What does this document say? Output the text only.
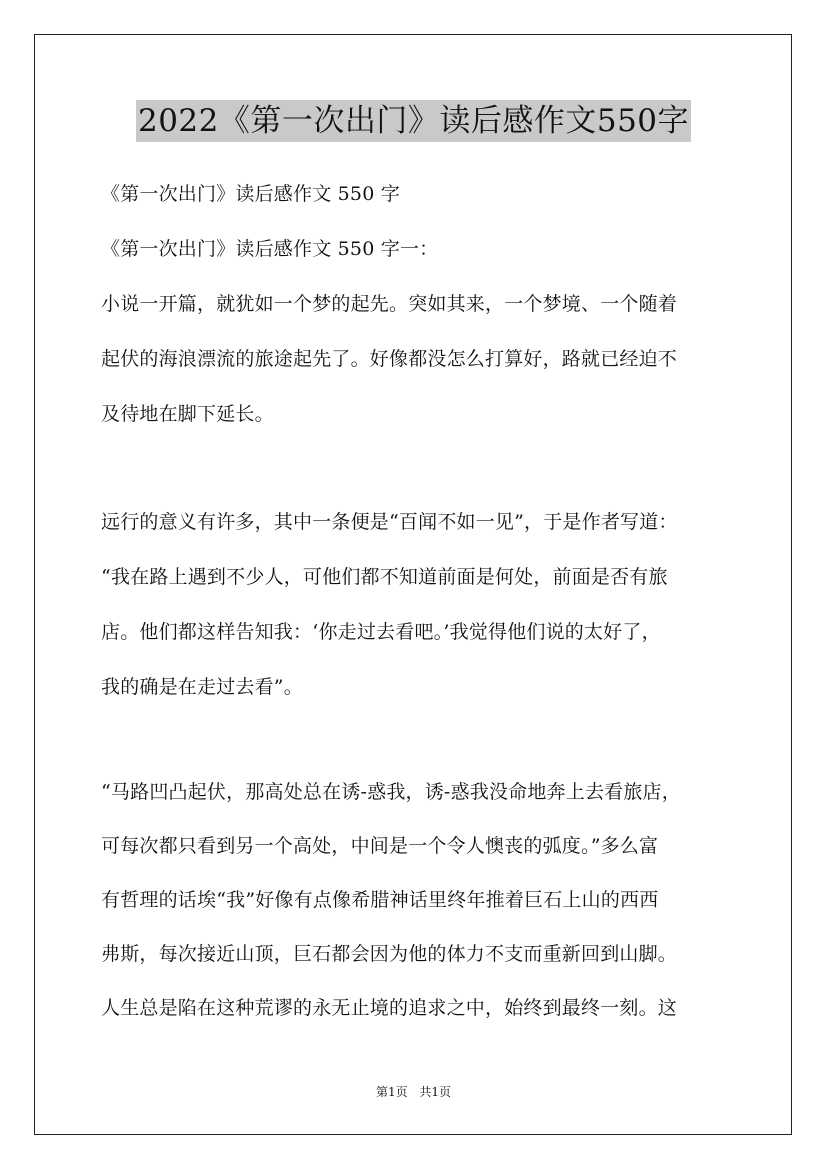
2022《第一次出门》读后感作文550字
《第一次出门》读后感作文 550 字
《第一次出门》读后感作文 550 字一：
小说一开篇，就犹如一个梦的起先。突如其来，一个梦境、一个随着
起伏的海浪漂流的旅途起先了。好像都没怎么打算好，路就已经迫不
及待地在脚下延长。
远行的意义有许多，其中一条便是“百闻不如一见”，于是作者写道：
“我在路上遇到不少人，可他们都不知道前面是何处，前面是否有旅
店。他们都这样告知我：‘你走过去看吧。’我觉得他们说的太好了，
我的确是在走过去看”。
“马路凹凸起伏，那高处总在诱-惑我，诱-惑我没命地奔上去看旅店，
可每次都只看到另一个高处，中间是一个令人懊丧的弧度。”多么富
有哲理的话埃“我”好像有点像希腊神话里终年推着巨石上山的西西
弗斯，每次接近山顶，巨石都会因为他的体力不支而重新回到山脚。
人生总是陷在这种荒谬的永无止境的追求之中，始终到最终一刻。这
第1页 共1页
